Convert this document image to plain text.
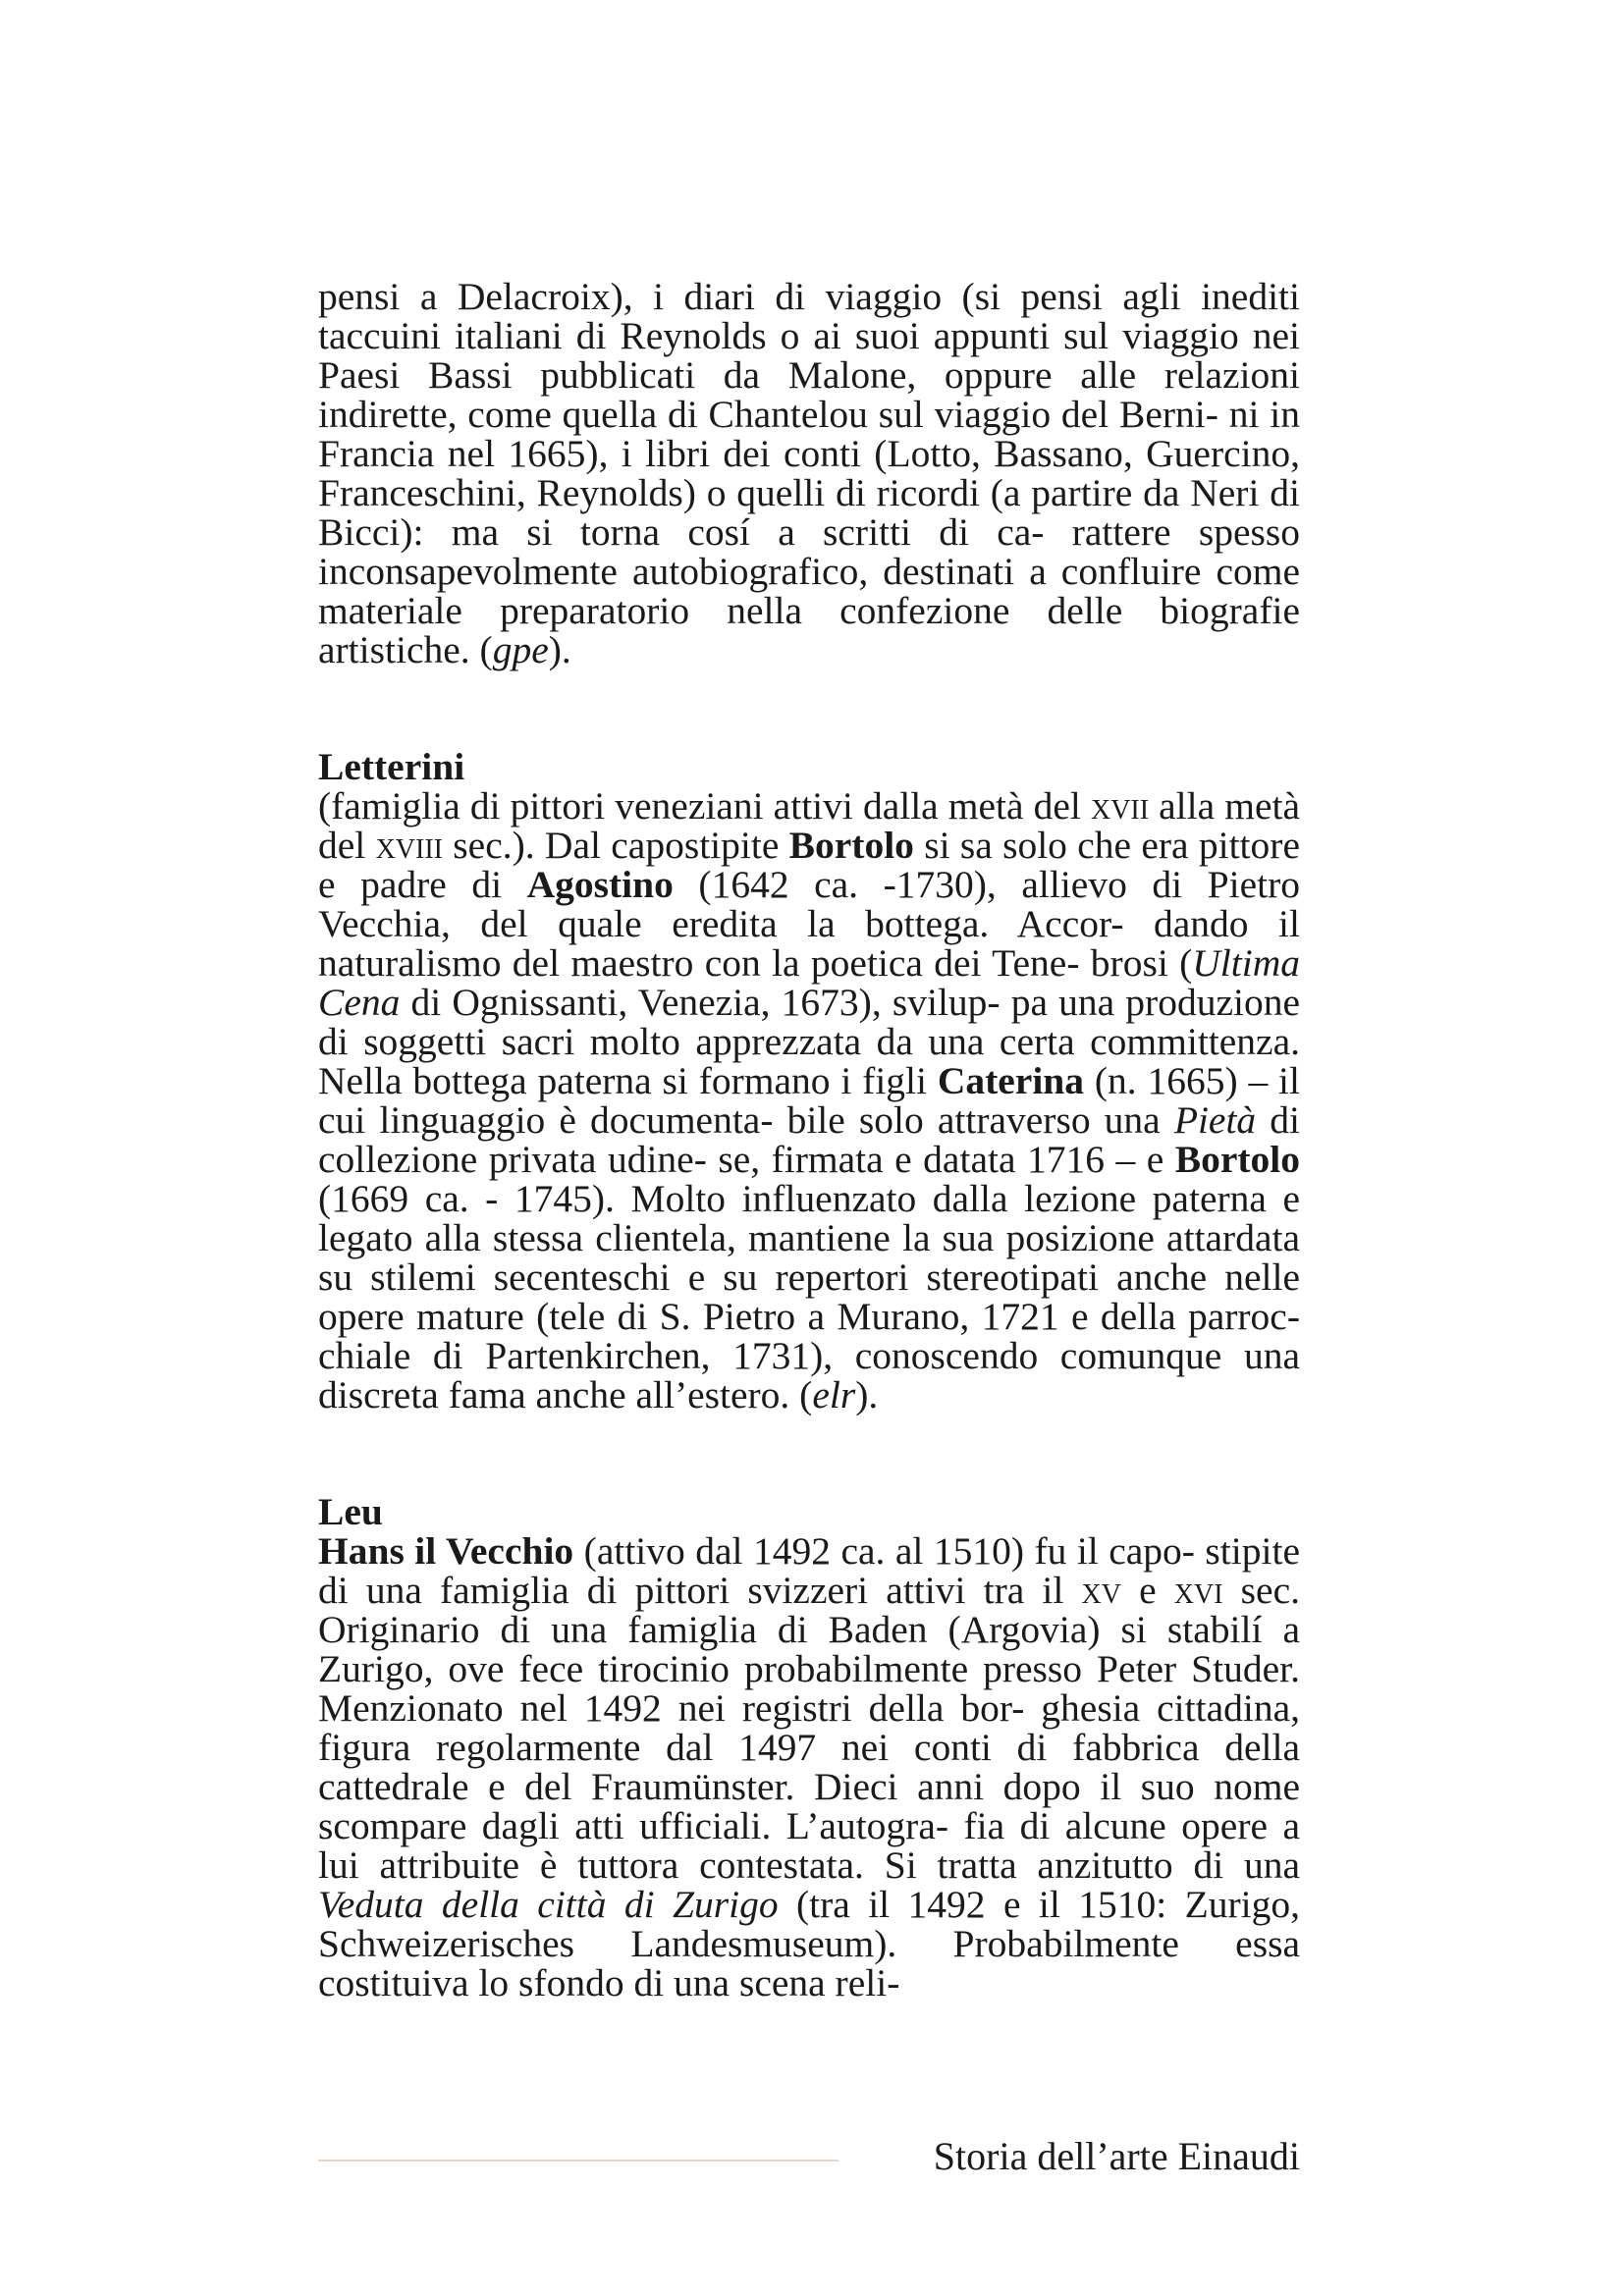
pensi a Delacroix), i diari di viaggio (si pensi agli inediti taccuini italiani di Reynolds o ai suoi appunti sul viaggio nei Paesi Bassi pubblicati da Malone, oppure alle relazioni indirette, come quella di Chantelou sul viaggio del Berni- ni in Francia nel 1665), i libri dei conti (Lotto, Bassano, Guercino, Franceschini, Reynolds) o quelli di ricordi (a partire da Neri di Bicci): ma si torna cosí a scritti di ca- rattere spesso inconsapevolmente autobiografico, destinati a confluire come materiale preparatorio nella confezione delle biografie artistiche. (gpe).

Letterini

(famiglia di pittori veneziani attivi dalla metà del xvii alla metà del xviii sec.). Dal capostipite Bortolo si sa solo che era pittore e padre di Agostino (1642 ca. -1730), allievo di Pietro Vecchia, del quale eredita la bottega. Accor- dando il naturalismo del maestro con la poetica dei Tene- brosi (Ultima Cena di Ognissanti, Venezia, 1673), svilup- pa una produzione di soggetti sacri molto apprezzata da una certa committenza. Nella bottega paterna si formano i figli Caterina (n. 1665) – il cui linguaggio è documenta- bile solo attraverso una Pietà di collezione privata udine- se, firmata e datata 1716 – e Bortolo (1669 ca. - 1745). Molto influenzato dalla lezione paterna e legato alla stessa clientela, mantiene la sua posizione attardata su stilemi secenteschi e su repertori stereotipati anche nelle opere mature (tele di S. Pietro a Murano, 1721 e della parroc- chiale di Partenkirchen, 1731), conoscendo comunque una discreta fama anche all’estero. (elr).

Leu

Hans il Vecchio (attivo dal 1492 ca. al 1510) fu il capo- stipite di una famiglia di pittori svizzeri attivi tra il xv e xvi sec. Originario di una famiglia di Baden (Argovia) si stabilí a Zurigo, ove fece tirocinio probabilmente presso Peter Studer. Menzionato nel 1492 nei registri della bor- ghesia cittadina, figura regolarmente dal 1497 nei conti di fabbrica della cattedrale e del Fraumünster. Dieci anni dopo il suo nome scompare dagli atti ufficiali. L’autogra- fia di alcune opere a lui attribuite è tuttora contestata. Si tratta anzitutto di una Veduta della città di Zurigo (tra il 1492 e il 1510: Zurigo, Schweizerisches Landesmuseum). Probabilmente essa costituiva lo sfondo di una scena reli-

Storia dell’arte Einaudi
